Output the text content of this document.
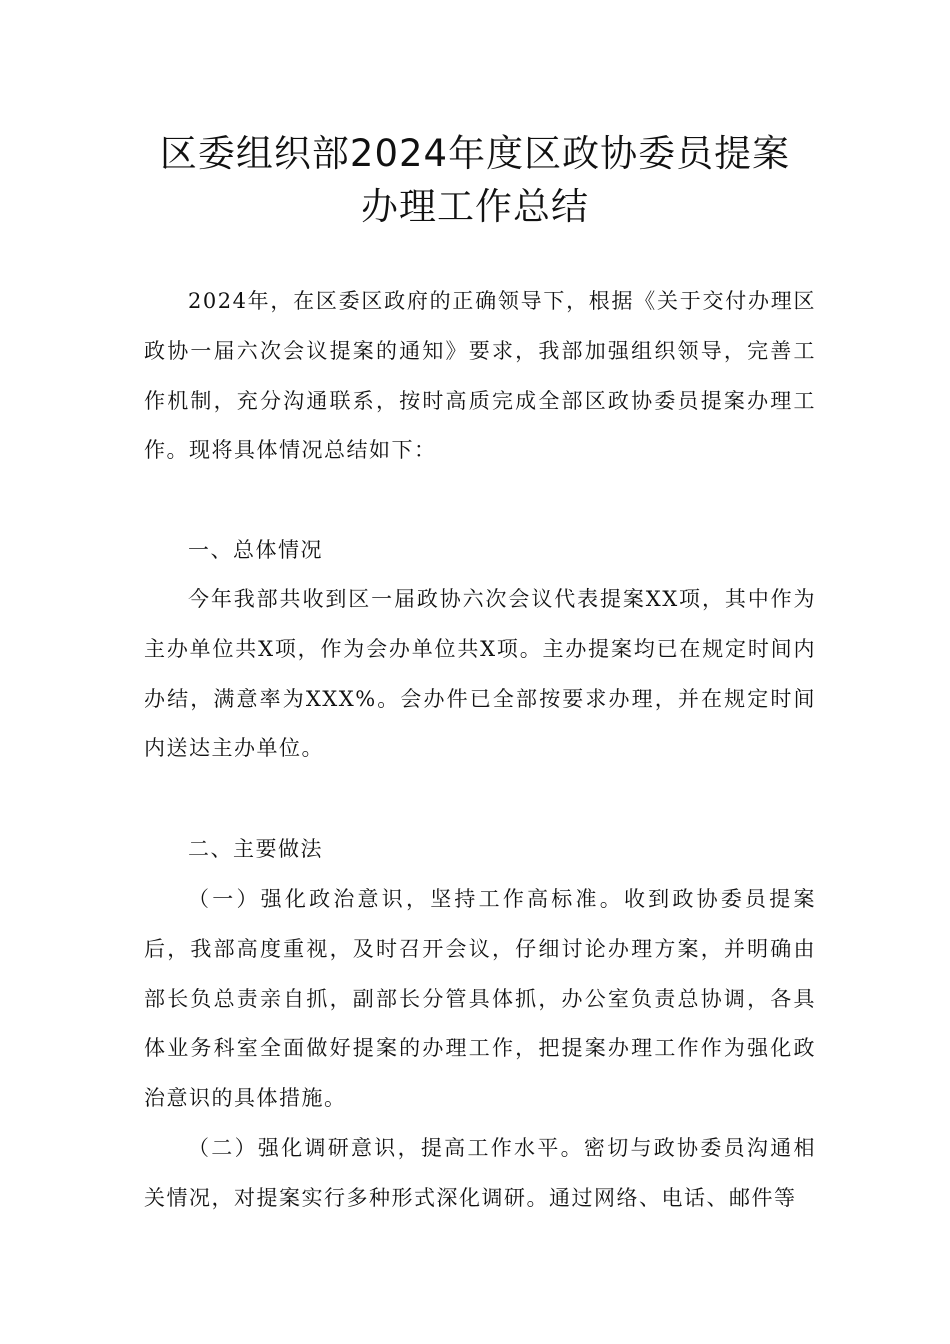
区委组织部2024年度区政协委员提案
办理工作总结

2024年，在区委区政府的正确领导下，根据《关于交付办理区政协一届六次会议提案的通知》要求，我部加强组织领导，完善工作机制，充分沟通联系，按时高质完成全部区政协委员提案办理工作。现将具体情况总结如下：

一、总体情况

今年我部共收到区一届政协六次会议代表提案XX项，其中作为主办单位共X项，作为会办单位共X项。主办提案均已在规定时间内办结，满意率为XXX%。会办件已全部按要求办理，并在规定时间内送达主办单位。

二、主要做法

（一）强化政治意识，坚持工作高标准。收到政协委员提案后，我部高度重视，及时召开会议，仔细讨论办理方案，并明确由部长负总责亲自抓，副部长分管具体抓，办公室负责总协调，各具体业务科室全面做好提案的办理工作，把提案办理工作作为强化政治意识的具体措施。

（二）强化调研意识，提高工作水平。密切与政协委员沟通相关情况，对提案实行多种形式深化调研。通过网络、电话、邮件等
